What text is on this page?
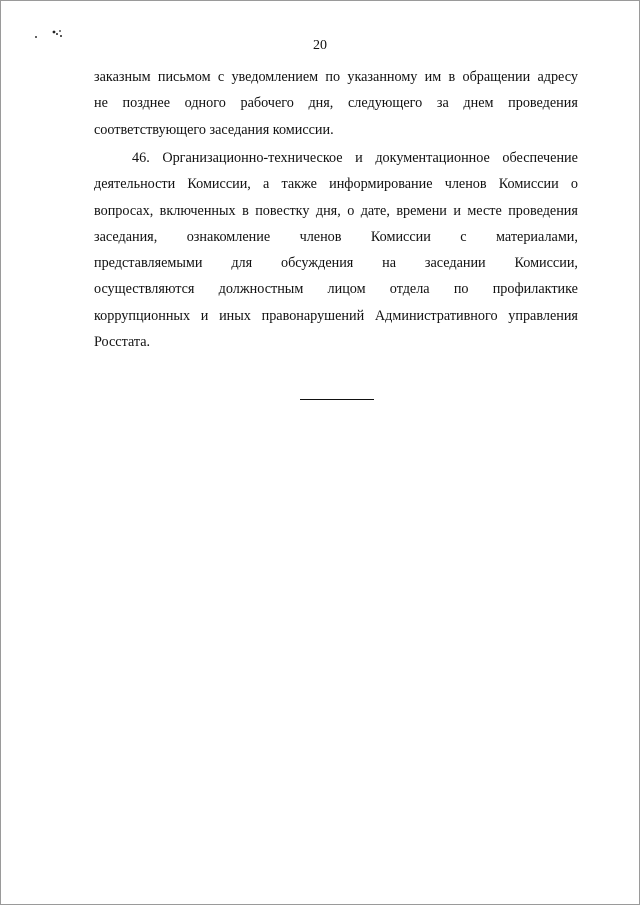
20
заказным письмом с уведомлением по указанному им в обращении адресу
не позднее одного рабочего дня, следующего за днем проведения
соответствующего заседания комиссии.
46. Организационно-техническое и документационное обеспечение
деятельности Комиссии, а также информирование членов Комиссии о
вопросах, включенных в повестку дня, о дате, времени и месте проведения
заседания, ознакомление членов Комиссии с материалами,
представляемыми для обсуждения на заседании Комиссии,
осуществляются должностным лицом отдела по профилактике
коррупционных и иных правонарушений Административного управления
Росстата.
